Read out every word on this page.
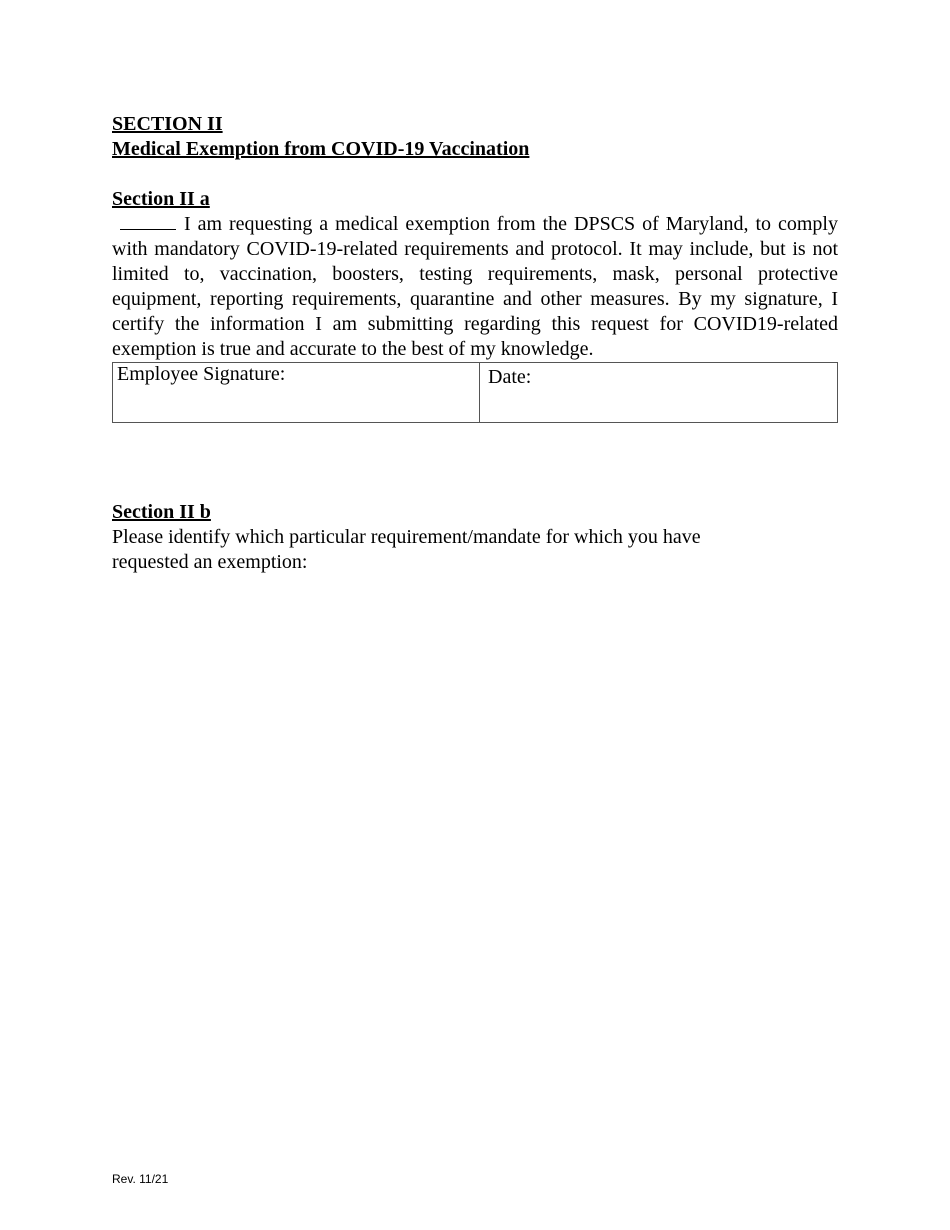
SECTION II
Medical Exemption from COVID-19 Vaccination
Section II a

I am requesting a medical exemption from the DPSCS of Maryland, to comply with mandatory COVID-19-related requirements and protocol. It may include, but is not limited to, vaccination, boosters, testing requirements, mask, personal protective equipment, reporting requirements, quarantine and other measures. By my signature, I certify the information I am submitting regarding this request for COVID19-related exemption is true and accurate to the best of my knowledge.

Employee Signature:	Date:
Section II b

Please identify which particular requirement/mandate for which you have requested an exemption:

Rev. 11/21
